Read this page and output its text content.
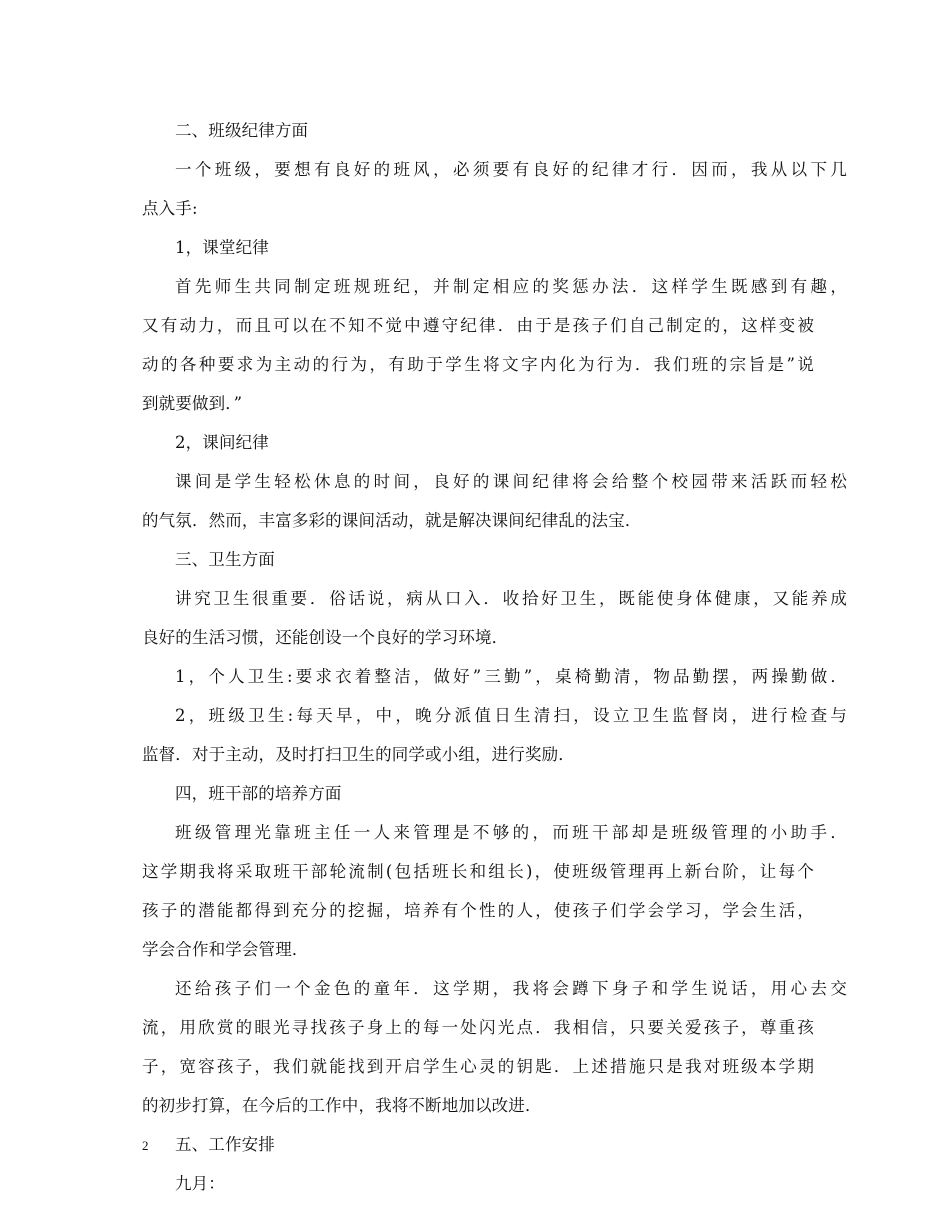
二、班级纪律方面
一个班级，要想有良好的班风，必须要有良好的纪律才行．因而，我从以下几
点入手:
1，课堂纪律
首先师生共同制定班规班纪，并制定相应的奖惩办法．这样学生既感到有趣，
又有动力，而且可以在不知不觉中遵守纪律．由于是孩子们自己制定的，这样变被
动的各种要求为主动的行为，有助于学生将文字内化为行为．我们班的宗旨是”说
到就要做到．”
2，课间纪律
课间是学生轻松休息的时间，良好的课间纪律将会给整个校园带来活跃而轻松
的气氛．然而，丰富多彩的课间活动，就是解决课间纪律乱的法宝．
三、卫生方面
讲究卫生很重要．俗话说，病从口入．收拾好卫生，既能使身体健康，又能养成
良好的生活习惯，还能创设一个良好的学习环境．
1，个人卫生:要求衣着整洁，做好”三勤”，桌椅勤清，物品勤摆，两操勤做．
2，班级卫生:每天早，中，晚分派值日生清扫，设立卫生监督岗，进行检查与
监督．对于主动，及时打扫卫生的同学或小组，进行奖励．
四，班干部的培养方面
班级管理光靠班主任一人来管理是不够的，而班干部却是班级管理的小助手．
这学期我将采取班干部轮流制(包括班长和组长)，使班级管理再上新台阶，让每个
孩子的潜能都得到充分的挖掘，培养有个性的人，使孩子们学会学习，学会生活，
学会合作和学会管理．
还给孩子们一个金色的童年．这学期，我将会蹲下身子和学生说话，用心去交
流，用欣赏的眼光寻找孩子身上的每一处闪光点．我相信，只要关爱孩子，尊重孩
子，宽容孩子，我们就能找到开启学生心灵的钥匙．上述措施只是我对班级本学期
的初步打算，在今后的工作中，我将不断地加以改进．
五、工作安排
九月：
2
